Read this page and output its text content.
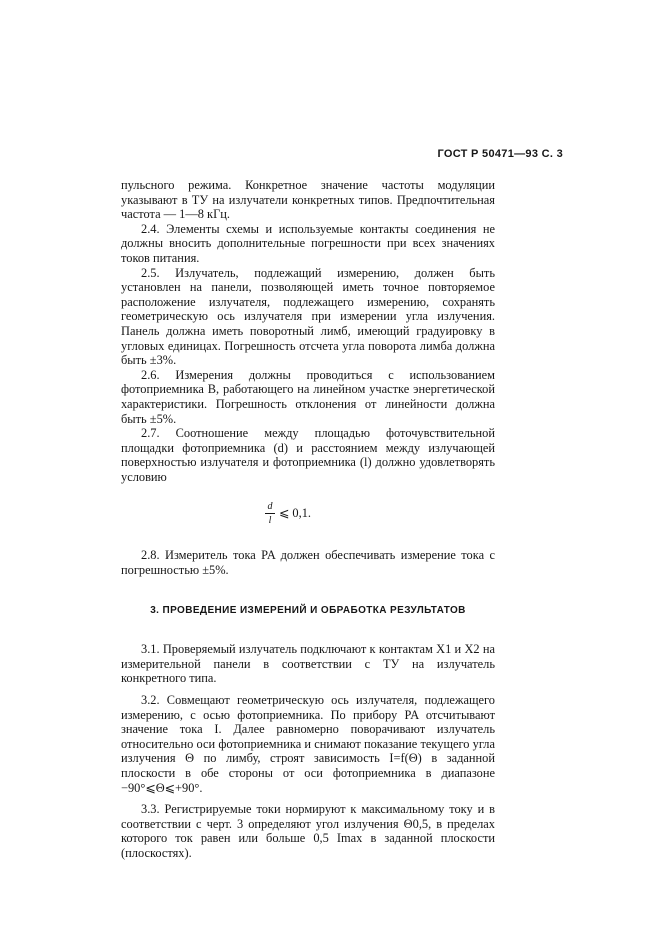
ГОСТ Р 50471—93 С. 3

пульсного режима. Конкретное значение частоты модуляции указывают в ТУ на излучатели конкретных типов. Предпочтительная частота — 1—8 кГц.

2.4. Элементы схемы и используемые контакты соединения не должны вносить дополнительные погрешности при всех значениях токов питания.

2.5. Излучатель, подлежащий измерению, должен быть установлен на панели, позволяющей иметь точное повторяемое расположение излучателя, подлежащего измерению, сохранять геометрическую ось излучателя при измерении угла излучения. Панель должна иметь поворотный лимб, имеющий градуировку в угловых единицах. Погрешность отсчета угла поворота лимба должна быть ±3%.

2.6. Измерения должны проводиться с использованием фотоприемника B, работающего на линейном участке энергетической характеристики. Погрешность отклонения от линейности должна быть ±5%.

2.7. Соотношение между площадью фоточувствительной площадки фотоприемника (d) и расстоянием между излучающей поверхностью излучателя и фотоприемника (l) должно удовлетворять условию

$\frac{d}{l}$ ⩽ 0,1.

2.8. Измеритель тока PA должен обеспечивать измерение тока с погрешностью ±5%.

3. ПРОВЕДЕНИЕ ИЗМЕРЕНИЙ И ОБРАБОТКА РЕЗУЛЬТАТОВ

3.1. Проверяемый излучатель подключают к контактам X1 и X2 на измерительной панели в соответствии с ТУ на излучатель конкретного типа.

3.2. Совмещают геометрическую ось излучателя, подлежащего измерению, с осью фотоприемника. По прибору PA отсчитывают значение тока I. Далее равномерно поворачивают излучатель относительно оси фотоприемника и снимают показание текущего угла излучения Θ по лимбу, строят зависимость I=f(Θ) в заданной плоскости в обе стороны от оси фотоприемника в диапазоне −90°⩽Θ⩽+90°.

3.3. Регистрируемые токи нормируют к максимальному току и в соответствии с черт. 3 определяют угол излучения Θ0,5, в пределах которого ток равен или больше 0,5 Imax в заданной плоскости (плоскостях).
